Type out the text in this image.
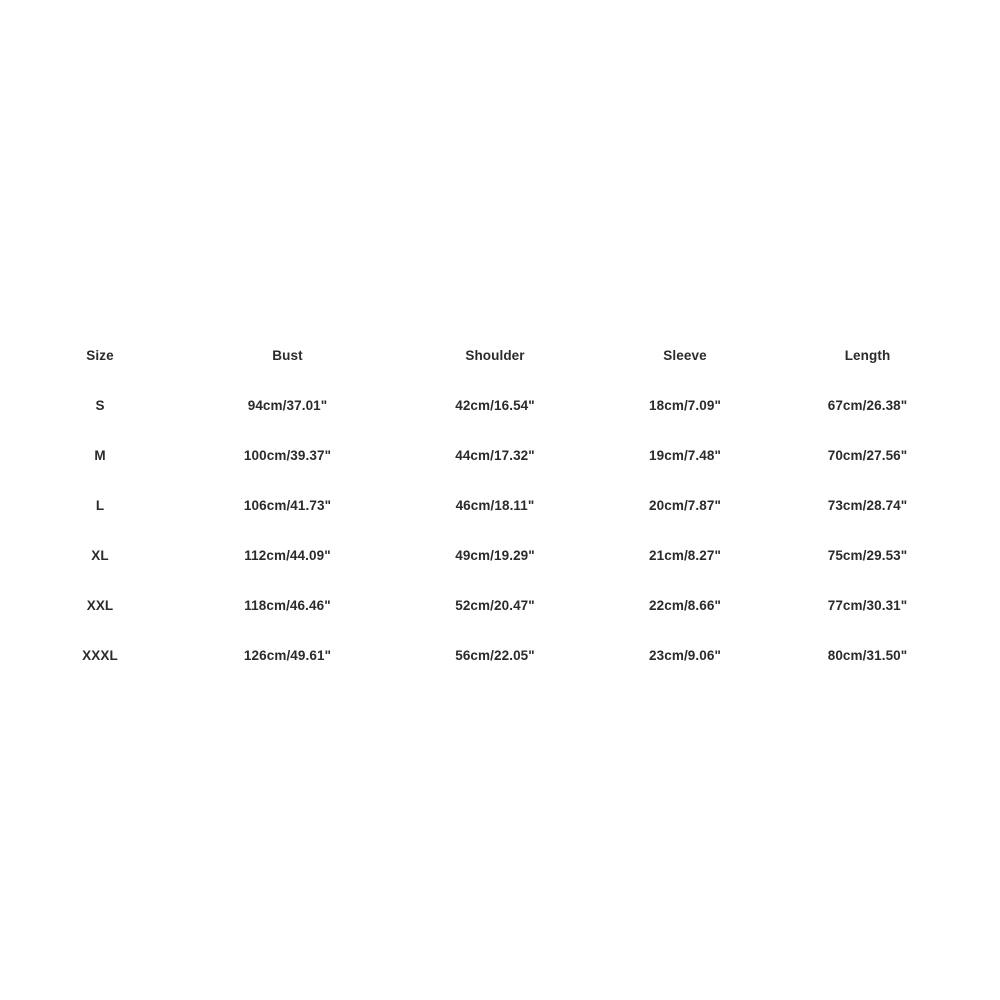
Size	Bust	Shoulder	Sleeve	Length
S	94cm/37.01"	42cm/16.54"	18cm/7.09"	67cm/26.38"
M	100cm/39.37"	44cm/17.32"	19cm/7.48"	70cm/27.56"
L	106cm/41.73"	46cm/18.11"	20cm/7.87"	73cm/28.74"
XL	112cm/44.09"	49cm/19.29"	21cm/8.27"	75cm/29.53"
XXL	118cm/46.46"	52cm/20.47"	22cm/8.66"	77cm/30.31"
XXXL	126cm/49.61"	56cm/22.05"	23cm/9.06"	80cm/31.50"
